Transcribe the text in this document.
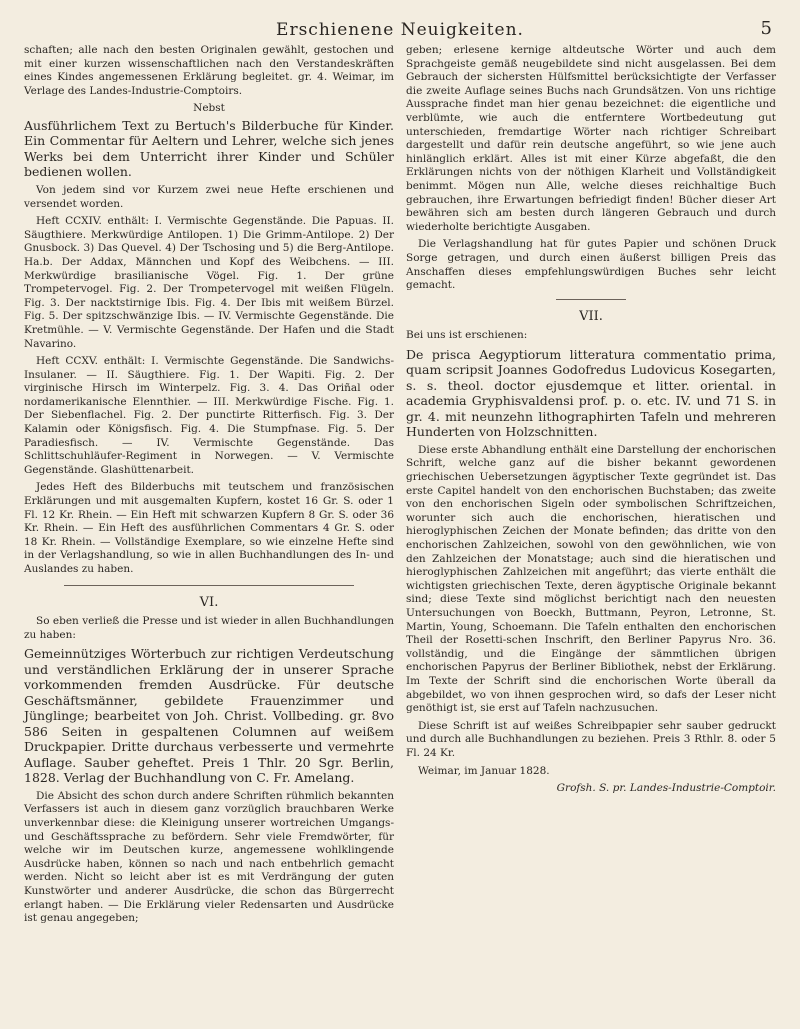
Erschienene Neuigkeiten.	5

schaften; alle nach den besten Originalen gewählt, gestochen und mit einer kurzen wissenschaftlichen nach den Verstandeskräften eines Kindes angemessenen Erklärung begleitet. gr. 4. Weimar, im Verlage des Landes-Industrie-Comptoirs.

Nebst

Ausführlichem Text zu Bertuch's Bilderbuche für Kinder. Ein Commentar für Aeltern und Lehrer, welche sich jenes Werks bei dem Unterricht ihrer Kinder und Schüler bedienen wollen.

Von jedem sind vor Kurzem zwei neue Hefte erschienen und versendet worden.

Heft CCXIV. enthält: I. Vermischte Gegenstände. Die Papuas. II. Säugthiere. Merkwürdige Antilopen. 1) Die Grimm-Antilope. 2) Der Gnusbock. 3) Das Quevel. 4) Der Tschosing und 5) die Berg-Antilope. Ha.b. Der Addax, Männchen und Kopf des Weibchens. — III. Merkwürdige brasilianische Vögel. Fig. 1. Der grüne Trompetervogel. Fig. 2. Der Trompetervogel mit weißen Flügeln. Fig. 3. Der nacktstirnige Ibis. Fig. 4. Der Ibis mit weißem Bürzel. Fig. 5. Der spitzschwänzige Ibis. — IV. Vermischte Gegenstände. Die Kretmühle. — V. Vermischte Gegenstände. Der Hafen und die Stadt Navarino.

Heft CCXV. enthält: I. Vermischte Gegenstände. Die Sandwichs-Insulaner. — II. Säugthiere. Fig. 1. Der Wapiti. Fig. 2. Der virginische Hirsch im Winterpelz. Fig. 3. 4. Das Oriñal oder nordamerikanische Elennthier. — III. Merkwürdige Fische. Fig. 1. Der Siebenflachel. Fig. 2. Der punctirte Ritterfisch. Fig. 3. Der Kalamin oder Königsfisch. Fig. 4. Die Stumpfnase. Fig. 5. Der Paradiesfisch. — IV. Vermischte Gegenstände. Das Schlittschuhläufer-Regiment in Norwegen. — V. Vermischte Gegenstände. Glashüttenarbeit.

Jedes Heft des Bilderbuchs mit teutschem und französischen Erklärungen und mit ausgemalten Kupfern, kostet 16 Gr. S. oder 1 Fl. 12 Kr. Rhein. — Ein Heft mit schwarzen Kupfern 8 Gr. S. oder 36 Kr. Rhein. — Ein Heft des ausführlichen Commentars 4 Gr. S. oder 18 Kr. Rhein. — Vollständige Exemplare, so wie einzelne Hefte sind in der Verlagshandlung, so wie in allen Buchhandlungen des In- und Auslandes zu haben.

VI.

So eben verließ die Presse und ist wieder in allen Buchhandlungen zu haben:

Gemeinnütziges Wörterbuch zur richtigen Verdeutschung und verständlichen Erklärung der in unserer Sprache vorkommenden fremden Ausdrücke. Für deutsche Geschäftsmänner, gebildete Frauenzimmer und Jünglinge; bearbeitet von Joh. Christ. Vollbeding. gr. 8vo 586 Seiten in gespaltenen Columnen auf weißem Druckpapier. Dritte durchaus verbesserte und vermehrte Auflage. Sauber geheftet. Preis 1 Thlr. 20 Sgr. Berlin, 1828. Verlag der Buchhandlung von C. Fr. Amelang.

Die Absicht des schon durch andere Schriften rühmlich bekannten Verfassers ist auch in diesem ganz vorzüglich brauchbaren Werke unverkennbar diese: die Kleinigung unserer wortreichen Umgangs- und Geschäftssprache zu befördern. Sehr viele Fremdwörter, für welche wir im Deutschen kurze, angemessene wohlklingende Ausdrücke haben, können so nach und nach entbehrlich gemacht werden. Nicht so leicht aber ist es mit Verdrängung der guten Kunstwörter und anderer Ausdrücke, die schon das Bürgerrecht erlangt haben. — Die Erklärung vieler Redensarten und Ausdrücke ist genau angegeben;

geben; erlesene kernige altdeutsche Wörter und auch dem Sprachgeiste gemäß neugebildete sind nicht ausgelassen. Bei dem Gebrauch der sichersten Hülfsmittel berücksichtigte der Verfasser die zweite Auflage seines Buchs nach Grundsätzen. Von uns richtige Aussprache findet man hier genau bezeichnet: die eigentliche und verblümte, wie auch die entferntere Wortbedeutung gut unterschieden, fremdartige Wörter nach richtiger Schreibart dargestellt und dafür rein deutsche angeführt, so wie jene auch hinlänglich erklärt. Alles ist mit einer Kürze abgefaßt, die den Erklärungen nichts von der nöthigen Klarheit und Vollständigkeit benimmt. Mögen nun Alle, welche dieses reichhaltige Buch gebrauchen, ihre Erwartungen befriedigt finden! Bücher dieser Art bewähren sich am besten durch längeren Gebrauch und durch wiederholte berichtigte Ausgaben.

Die Verlagshandlung hat für gutes Papier und schönen Druck Sorge getragen, und durch einen äußerst billigen Preis das Anschaffen dieses empfehlungswürdigen Buches sehr leicht gemacht.

VII.

Bei uns ist erschienen:

De prisca Aegyptiorum litteratura commentatio prima, quam scripsit Joannes Godofredus Ludovicus Kosegarten, s. s. theol. doctor ejusdemque et litter. oriental. in academia Gryphisvaldensi prof. p. o. etc. IV. und 71 S. in gr. 4. mit neunzehn lithographirten Tafeln und mehreren Hunderten von Holzschnitten.

Diese erste Abhandlung enthält eine Darstellung der enchorischen Schrift, welche ganz auf die bisher bekannt gewordenen griechischen Uebersetzungen ägyptischer Texte gegründet ist. Das erste Capitel handelt von den enchorischen Buchstaben; das zweite von den enchorischen Sigeln oder symbolischen Schriftzeichen, worunter sich auch die enchorischen, hieratischen und hieroglyphischen Zeichen der Monate befinden; das dritte von den enchorischen Zahlzeichen, sowohl von den gewöhnlichen, wie von den Zahlzeichen der Monatstage; auch sind die hieratischen und hieroglyphischen Zahlzeichen mit angeführt; das vierte enthält die wichtigsten griechischen Texte, deren ägyptische Originale bekannt sind; diese Texte sind möglichst berichtigt nach den neuesten Untersuchungen von Boeckh, Buttmann, Peyron, Letronne, St. Martin, Young, Schoemann. Die Tafeln enthalten den enchorischen Theil der Rosetti-schen Inschrift, den Berliner Papyrus Nro. 36. vollständig, und die Eingänge der sämmtlichen übrigen enchorischen Papyrus der Berliner Bibliothek, nebst der Erklärung. Im Texte der Schrift sind die enchorischen Worte überall da abgebildet, wo von ihnen gesprochen wird, so dafs der Leser nicht genöthigt ist, sie erst auf Tafeln nachzusuchen.

Diese Schrift ist auf weißes Schreibpapier sehr sauber gedruckt und durch alle Buchhandlungen zu beziehen. Preis 3 Rthlr. 8. oder 5 Fl. 24 Kr.

Weimar, im Januar 1828.

Grofsh. S. pr. Landes-Industrie-Comptoir.
